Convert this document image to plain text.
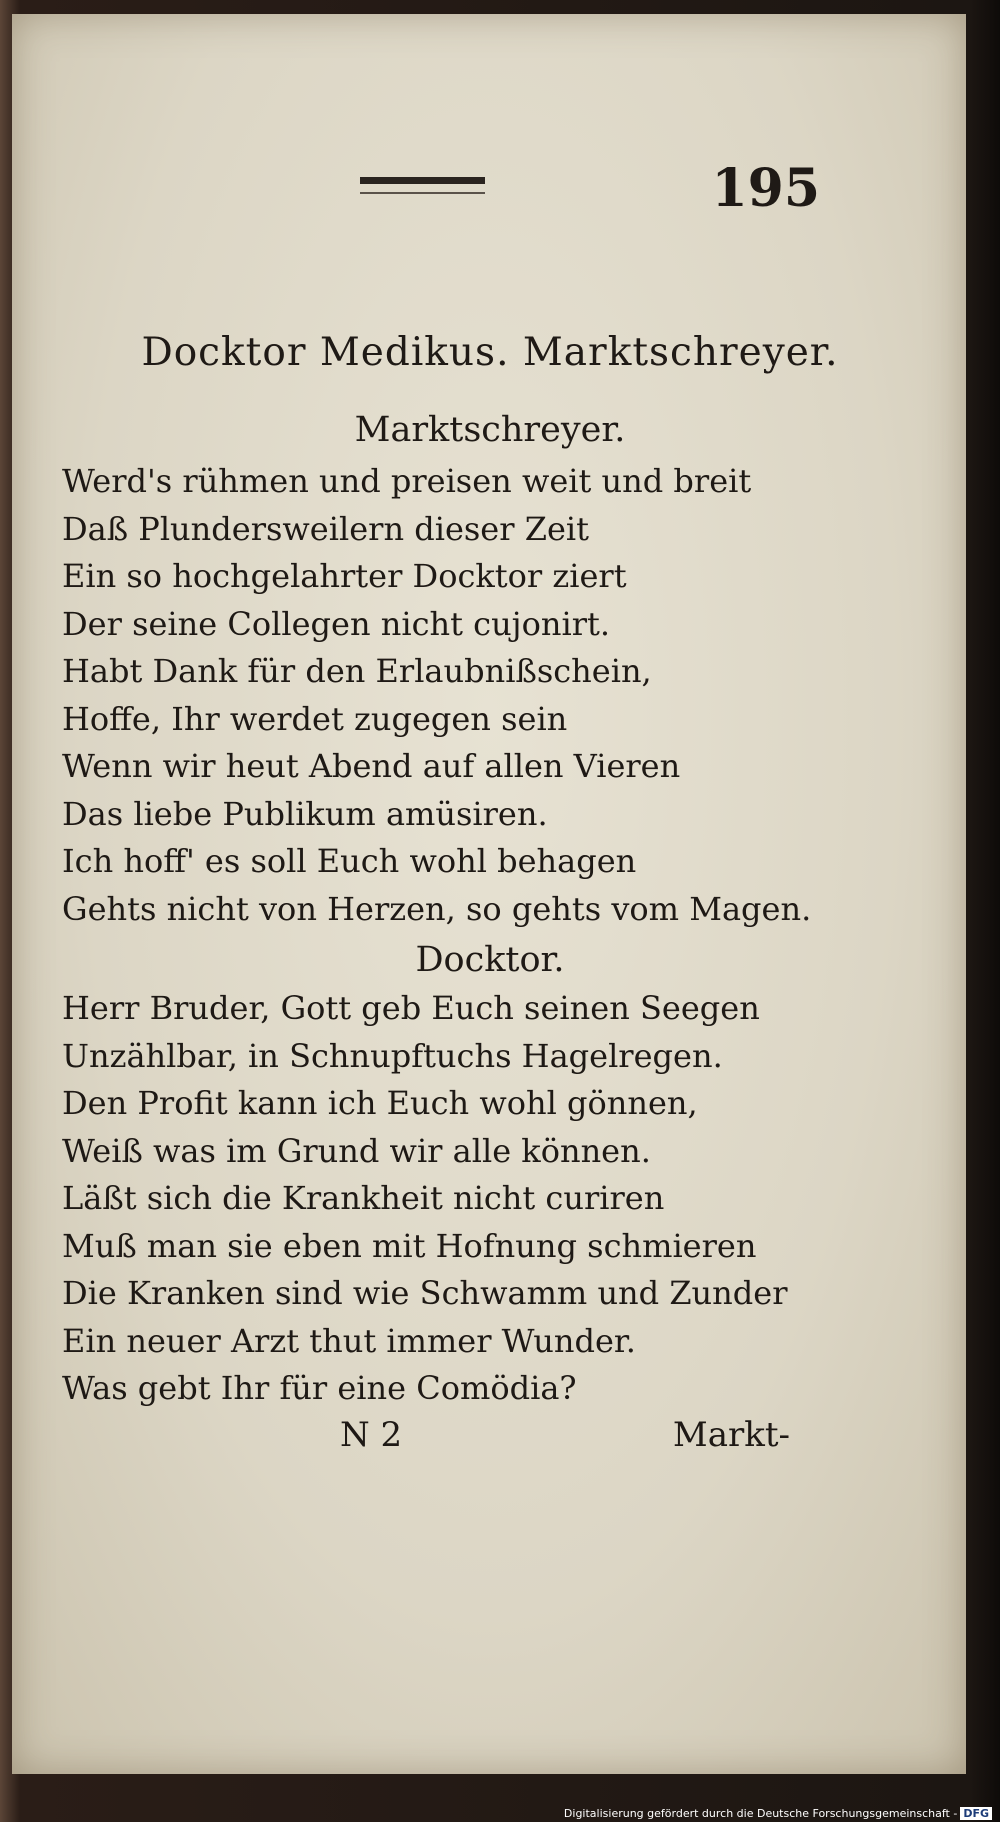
195
Docktor Medikus. Marktschreyer.
Marktschreyer.
Werd's rühmen und preisen weit und breit
Daß Plunderswеilern dieser Zeit
Ein so hochgelahrter Docktor ziert
Der seine Collegen nicht cujonirt.
Habt Dank für den Erlaubnißschein,
Hoffe, Ihr werdet zugegen sein
Wenn wir heut Abend auf allen Vieren
Das liebe Publikum amüsiren.
Ich hoff' es soll Euch wohl behagen
Gehts nicht von Herzen, so gehts vom Magen.
Docktor.
Herr Bruder, Gott geb Euch seinen Seegen
Unzählbar, in Schnupftuchs Hagelregen.
Den Profit kann ich Euch wohl gönnen,
Weiß was im Grund wir alle können.
Läßt sich die Krankheit nicht curiren
Muß man sie eben mit Hofnung schmieren
Die Kranken sind wie Schwamm und Zunder
Ein neuer Arzt thut immer Wunder.
Was gebt Ihr für eine Comödia?
N 2	Markt-
Digitalisierung gefördert durch die Deutsche Forschungsgemeinschaft - DFG
